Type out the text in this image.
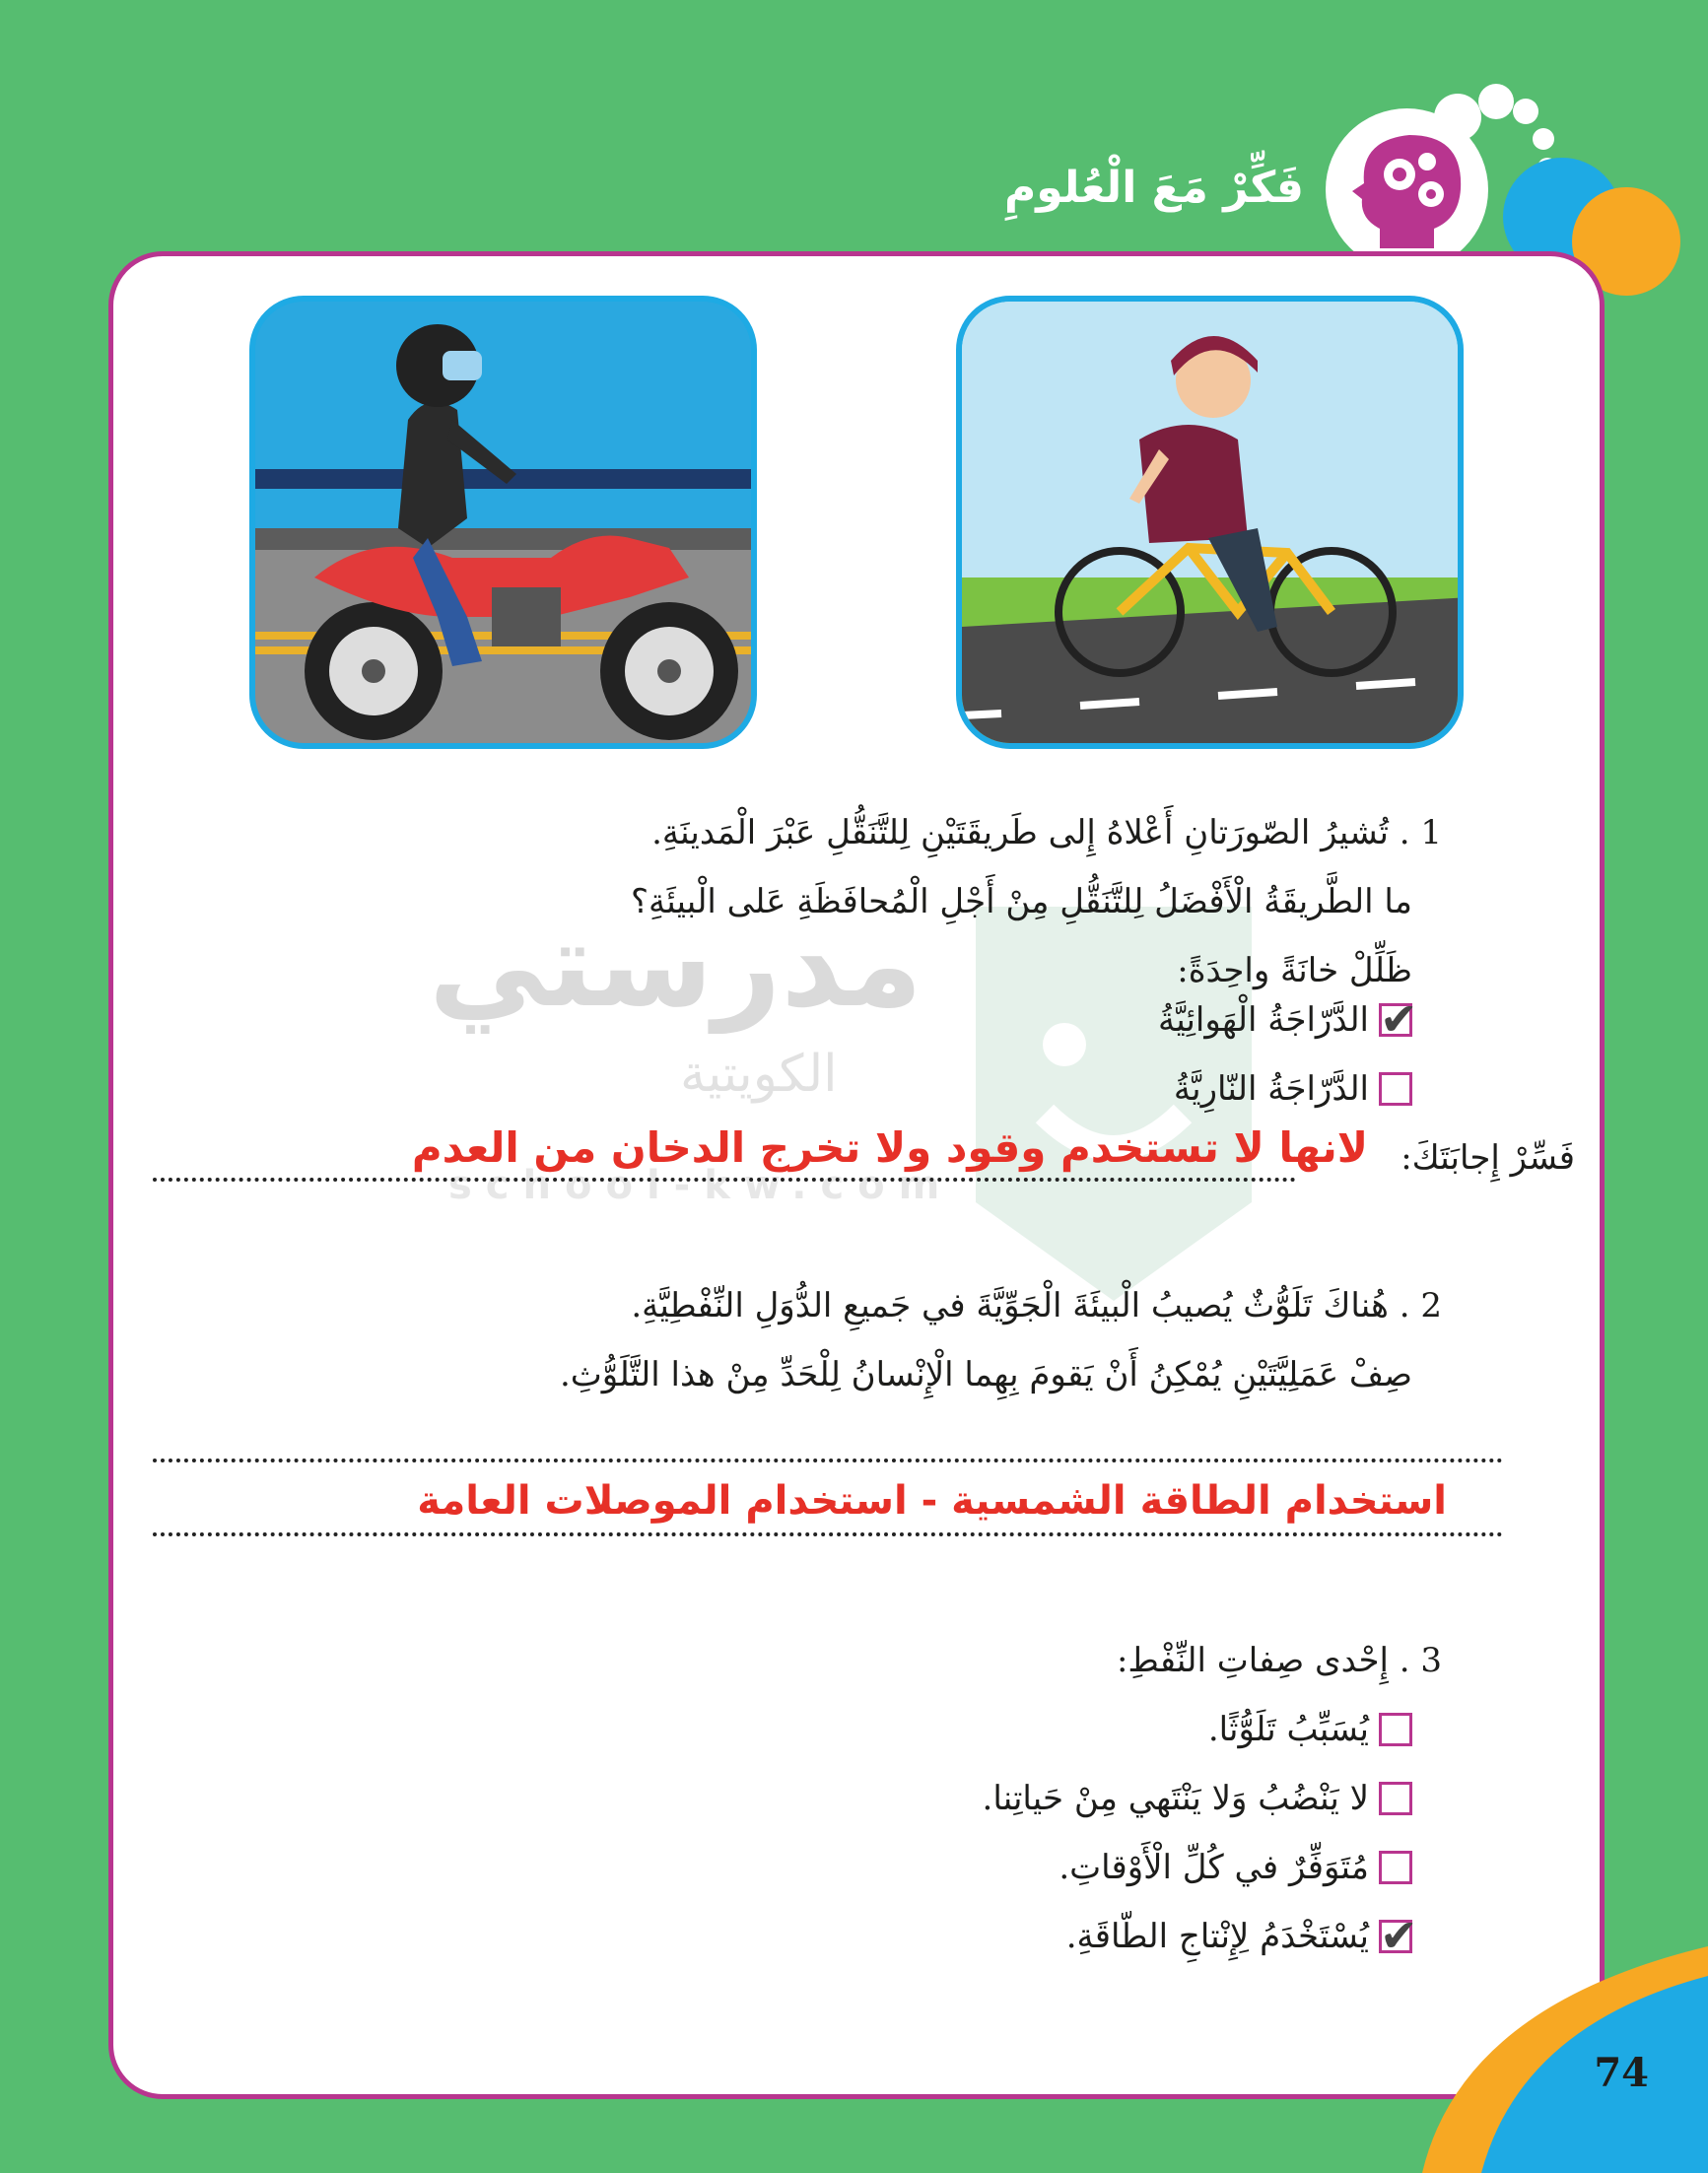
فَكِّرْ مَعَ الْعُلومِ
مدرستي
الكويتية
school-kw.com
1 . تُشيرُ الصّورَتانِ أَعْلاهُ إِلى طَريقَتَيْنِ لِلتَّنَقُّلِ عَبْرَ الْمَدينَةِ.
ما الطَّريقَةُ الْأَفْضَلُ لِلتَّنَقُّلِ مِنْ أَجْلِ الْمُحافَظَةِ عَلى الْبيئَةِ؟
ظَلِّلْ خانَةً واحِدَةً:
✔
الدَّرّاجَةُ الْهَوائِيَّةُ
الدَّرّاجَةُ النّارِيَّةُ
فَسِّرْ إِجابَتَكَ:
لانها لا تستخدم وقود ولا تخرج الدخان من العدم
2 . هُناكَ تَلَوُّثٌ يُصيبُ الْبيئَةَ الْجَوِّيَّةَ في جَميعِ الدُّوَلِ النِّفْطِيَّةِ.
صِفْ عَمَلِيَّتَيْنِ يُمْكِنُ أَنْ يَقومَ بِهِما الْإِنْسانُ لِلْحَدِّ مِنْ هذا التَّلَوُّثِ.
استخدام الطاقة الشمسية - استخدام الموصلات العامة
3 . إِحْدى صِفاتِ النِّفْطِ:
يُسَبِّبُ تَلَوُّثًا.
لا يَنْضُبُ وَلا يَنْتَهي مِنْ حَياتِنا.
مُتَوَفِّرٌ في كُلِّ الْأَوْقاتِ.
✔
يُسْتَخْدَمُ لِإِنْتاجِ الطّاقَةِ.
74
